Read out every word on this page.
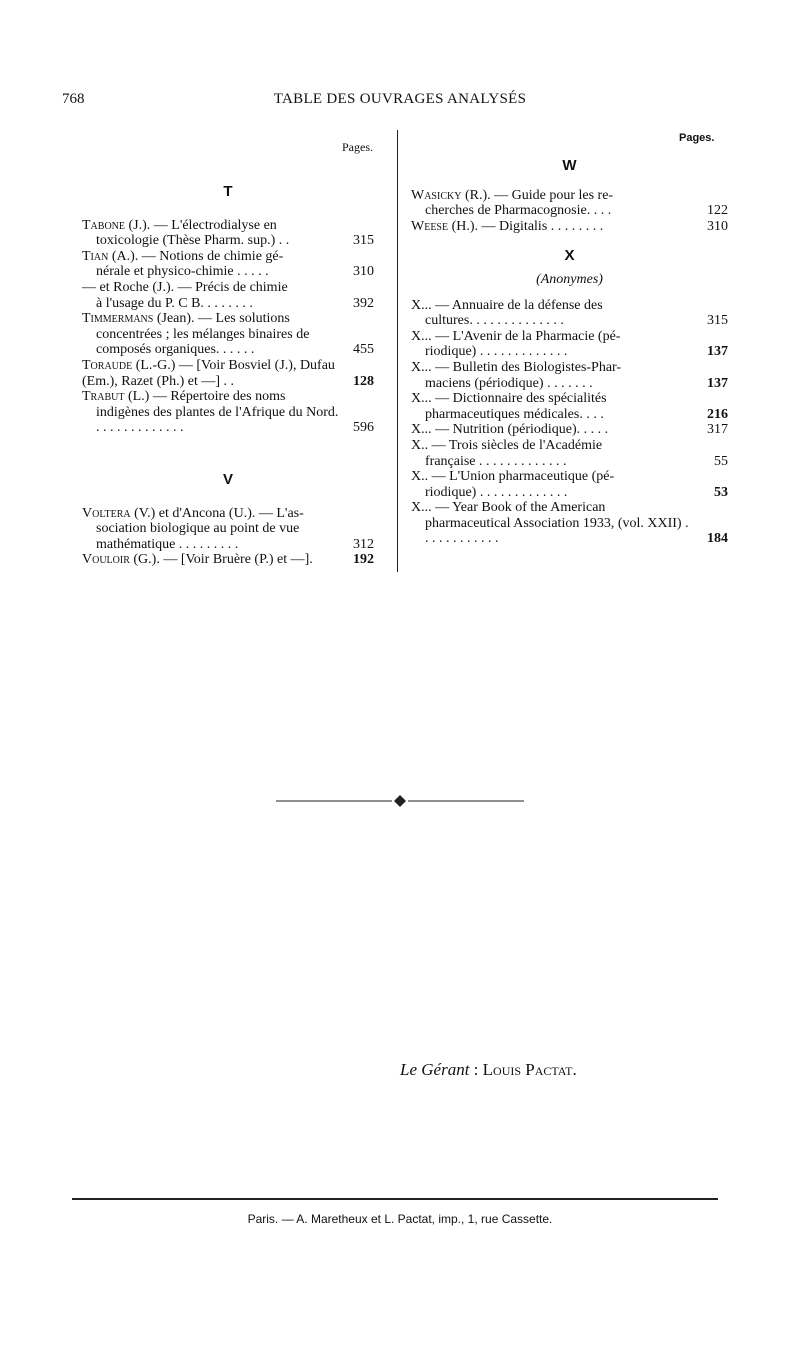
768	TABLE DES OUVRAGES ANALYSÉS
Pages.
Pages.
T
Tabone (J.). — L'électrodialyse en
toxicologie (Thèse Pharm. sup.) . .	315
Tian (A.). — Notions de chimie gé-
nérale et physico-chimie . . . . .	310
— et Roche (J.). — Précis de chimie
à l'usage du P. C B. . . . . . . .	392
Timmermans (Jean). — Les solutions
concentrées ; les mélanges binaires de composés organiques. . . . . .	455
Toraude (L.-G.) — [Voir Bosviel (J.), Dufau (Em.), Razet (Ph.) et —] . .	128
Trabut (L.) — Répertoire des noms
indigènes des plantes de l'Afrique du Nord. . . . . . . . . . . . . .	596
V
Voltera (V.) et d'Ancona (U.). — L'as-
sociation biologique au point de vue mathématique . . . . . . . . .	312
Vouloir (G.). — [Voir Bruère (P.) et —].	192
W
Wasicky (R.). — Guide pour les re-
cherches de Pharmacognosie. . . .	122
Weese (H.). — Digitalis . . . . . . . .	310
X
(Anonymes)
X... — Annuaire de la défense des
cultures. . . . . . . . . . . . . .	315
X... — L'Avenir de la Pharmacie (pé-
riodique) . . . . . . . . . . . . .	137
X... — Bulletin des Biologistes-Phar-
maciens (périodique) . . . . . . .	137
X... — Dictionnaire des spécialités
pharmaceutiques médicales. . . .	216
X... — Nutrition (périodique). . . . .	317
X.. — Trois siècles de l'Académie
française . . . . . . . . . . . . .	55
X.. — L'Union pharmaceutique (pé-
riodique) . . . . . . . . . . . . .	53
X... — Year Book of the American
pharmaceutical Association 1933, (vol. XXII) . . . . . . . . . . . .	184
Le Gérant : Louis Pactat.
Paris. — A. Maretheux et L. Pactat, imp., 1, rue Cassette.
